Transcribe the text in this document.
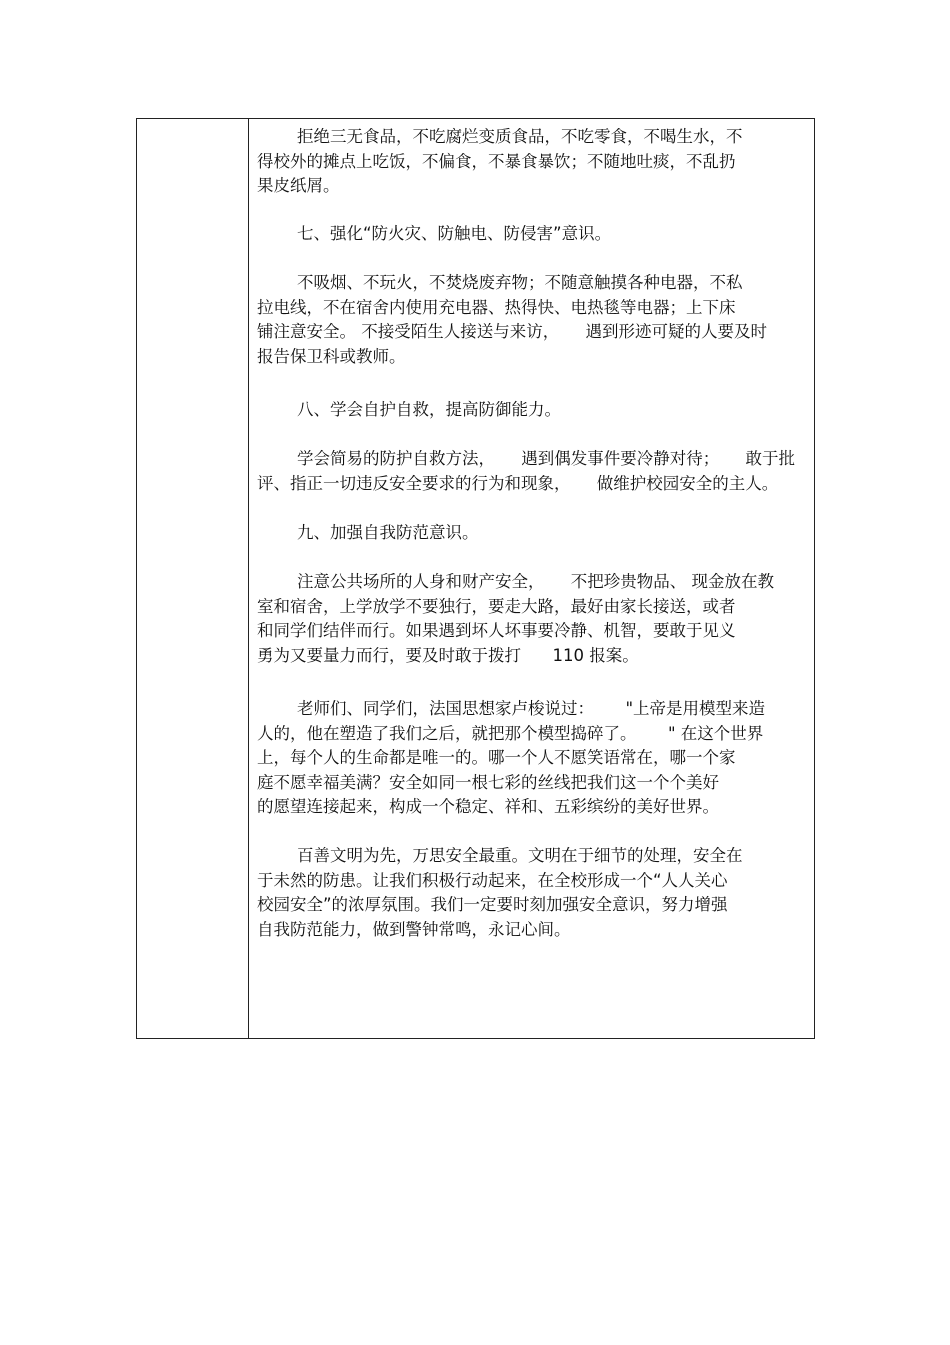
拒绝三无食品，不吃腐烂变质食品，不吃零食，不喝生水，不
得校外的摊点上吃饭，不偏食，不暴食暴饮；不随地吐痰，不乱扔
果皮纸屑。
七、强化“防火灾、防触电、防侵害”意识。
不吸烟、不玩火，不焚烧废弃物；不随意触摸各种电器，不私
拉电线，不在宿舍内使用充电器、热得快、电热毯等电器；上下床
铺注意安全。 不接受陌生人接送与来访，     遇到形迹可疑的人要及时
报告保卫科或教师。
八、学会自护自救，提高防御能力。
学会简易的防护自救方法，     遇到偶发事件要冷静对待；     敢于批
评、指正一切违反安全要求的行为和现象，     做维护校园安全的主人。
九、加强自我防范意识。
注意公共场所的人身和财产安全，     不把珍贵物品、 现金放在教
室和宿舍，上学放学不要独行，要走大路，最好由家长接送，或者
和同学们结伴而行。如果遇到坏人坏事要冷静、机智，要敢于见义
勇为又要量力而行，要及时敢于拨打      110 报案。
老师们、同学们，法国思想家卢梭说过：      "上帝是用模型来造
人的，他在塑造了我们之后，就把那个模型捣碎了。      " 在这个世界
上，每个人的生命都是唯一的。哪一个人不愿笑语常在，哪一个家
庭不愿幸福美满？安全如同一根七彩的丝线把我们这一个个美好
的愿望连接起来，构成一个稳定、祥和、五彩缤纷的美好世界。
百善文明为先，万思安全最重。文明在于细节的处理，安全在
于未然的防患。让我们积极行动起来，在全校形成一个“人人关心
校园安全”的浓厚氛围。我们一定要时刻加强安全意识，努力增强
自我防范能力，做到警钟常鸣，永记心间。
